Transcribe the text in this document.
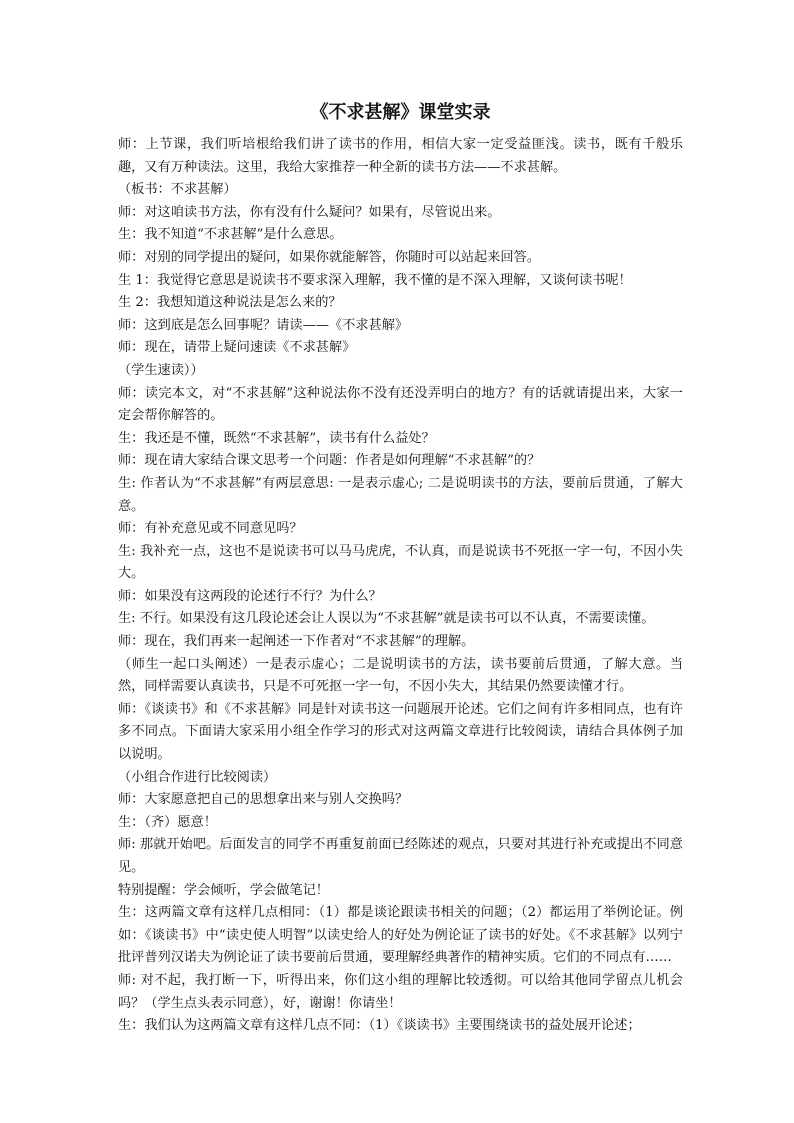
《不求甚解》课堂实录

师：上节课，我们听培根给我们讲了读书的作用，相信大家一定受益匪浅。读书，既有千般乐趣，又有万种读法。这里，我给大家推荐一种全新的读书方法——不求甚解。

（板书：不求甚解）

师：对这咱读书方法，你有没有什么疑问？如果有，尽管说出来。

生：我不知道“不求甚解”是什么意思。

师：对别的同学提出的疑问，如果你就能解答，你随时可以站起来回答。

生 1：我觉得它意思是说读书不要求深入理解，我不懂的是不深入理解，又谈何读书呢！

生 2：我想知道这种说法是怎么来的？

师：这到底是怎么回事呢？请读——《不求甚解》

师：现在，请带上疑问速读《不求甚解》

（学生速读））

师：读完本文，对“不求甚解”这种说法你不没有还没弄明白的地方？有的话就请提出来，大家一定会帮你解答的。

生：我还是不懂，既然“不求甚解”，读书有什么益处？

师：现在请大家结合课文思考一个问题：作者是如何理解“不求甚解”的？

生: 作者认为“不求甚解”有两层意思: 一是表示虚心; 二是说明读书的方法，要前后贯通，了解大意。

师：有补充意见或不同意见吗？

生: 我补充一点，这也不是说读书可以马马虎虎，不认真，而是说读书不死抠一字一句，不因小失大。

师：如果没有这两段的论述行不行？为什么？

生: 不行。如果没有这几段论述会让人误以为“不求甚解”就是读书可以不认真，不需要读懂。

师：现在，我们再来一起阐述一下作者对“不求甚解”的理解。

（师生一起口头阐述）一是表示虚心；二是说明读书的方法，读书要前后贯通，了解大意。当然，同样需要认真读书，只是不可死抠一字一句，不因小失大，其结果仍然要读懂才行。

师：《谈读书》和《不求甚解》同是针对读书这一问题展开论述。它们之间有许多相同点，也有许多不同点。下面请大家采用小组全作学习的形式对这两篇文章进行比较阅读，请结合具体例子加以说明。

（小组合作进行比较阅读）

师：大家愿意把自己的思想拿出来与别人交换吗？

生：（齐）愿意！

师: 那就开始吧。后面发言的同学不再重复前面已经陈述的观点，只要对其进行补充或提出不同意见。

特别提醒：学会倾听，学会做笔记！

生：这两篇文章有这样几点相同：（1）都是谈论跟读书相关的问题；（2）都运用了举例论证。例如：《谈读书》中“读史使人明智”以读史给人的好处为例论证了读书的好处。《不求甚解》以列宁批评普列汉诺夫为例论证了读书要前后贯通，要理解经典著作的精神实质。它们的不同点有……

师: 对不起，我打断一下，听得出来，你们这小组的理解比较透彻。可以给其他同学留点儿机会吗？（学生点头表示同意），好，谢谢！你请坐！

生：我们认为这两篇文章有这样几点不同：（1）《谈读书》主要围绕读书的益处展开论述；
